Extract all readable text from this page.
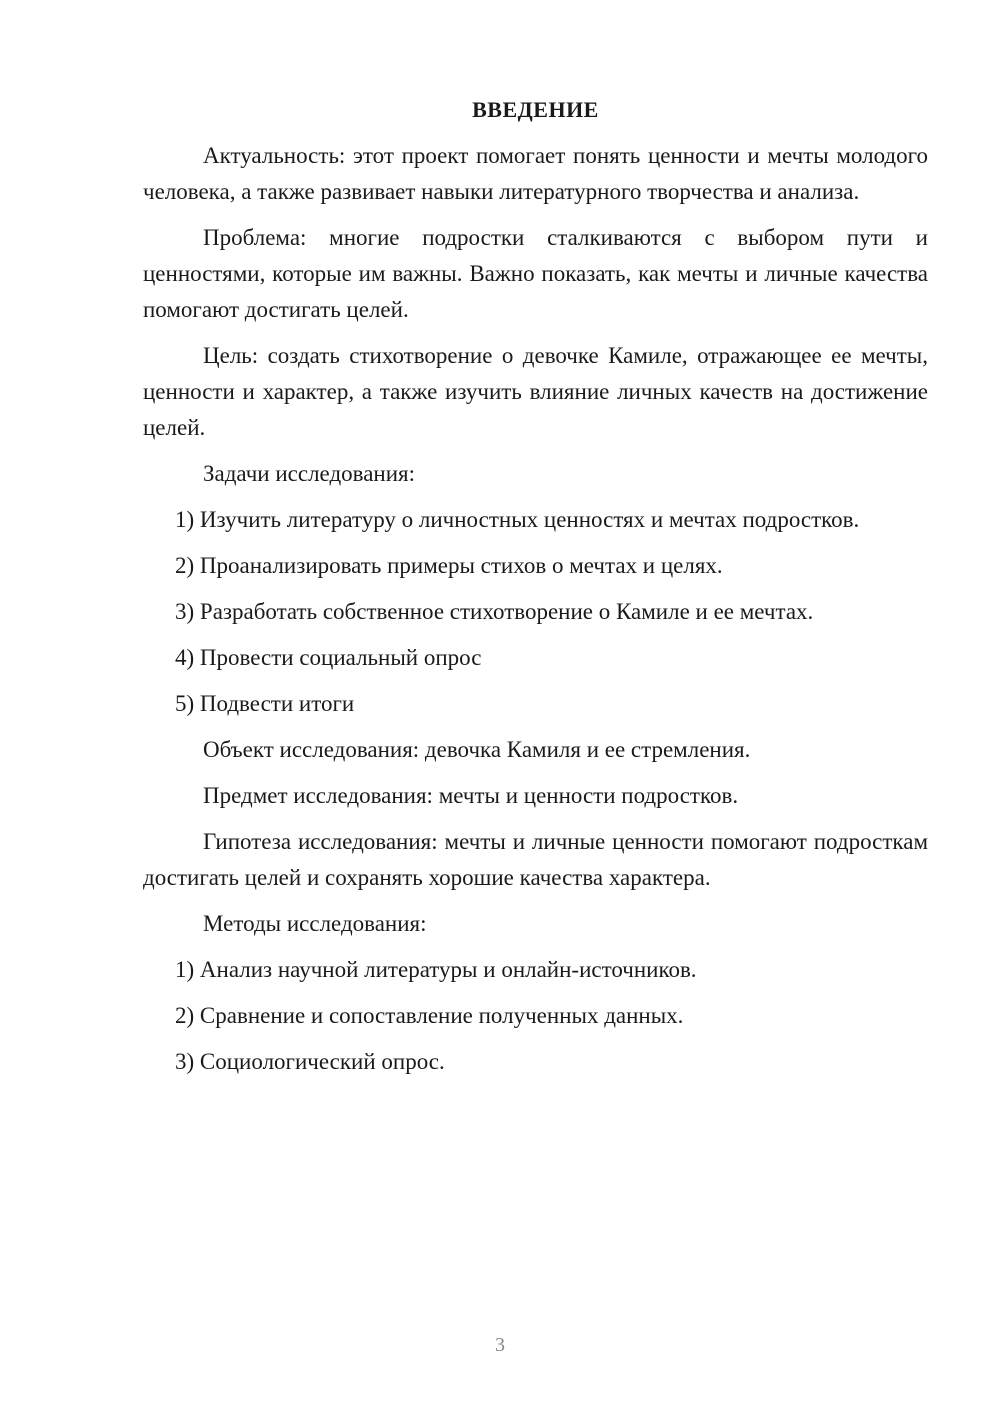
ВВЕДЕНИЕ
Актуальность: этот проект помогает понять ценности и мечты молодого человека, а также развивает навыки литературного творчества и анализа.
Проблема: многие подростки сталкиваются с выбором пути и ценностями, которые им важны. Важно показать, как мечты и личные качества помогают достигать целей.
Цель: создать стихотворение о девочке Камиле, отражающее ее мечты, ценности и характер, а также изучить влияние личных качеств на достижение целей.
Задачи исследования:
1) Изучить литературу о личностных ценностях и мечтах подростков.
2) Проанализировать примеры стихов о мечтах и целях.
3) Разработать собственное стихотворение о Камиле и ее мечтах.
4) Провести социальный опрос
5) Подвести итоги
Объект исследования: девочка Камиля и ее стремления.
Предмет исследования: мечты и ценности подростков.
Гипотеза исследования: мечты и личные ценности помогают подросткам достигать целей и сохранять хорошие качества характера.
Методы исследования:
1) Анализ научной литературы и онлайн-источников.
2) Сравнение и сопоставление полученных данных.
3) Социологический опрос.
3
